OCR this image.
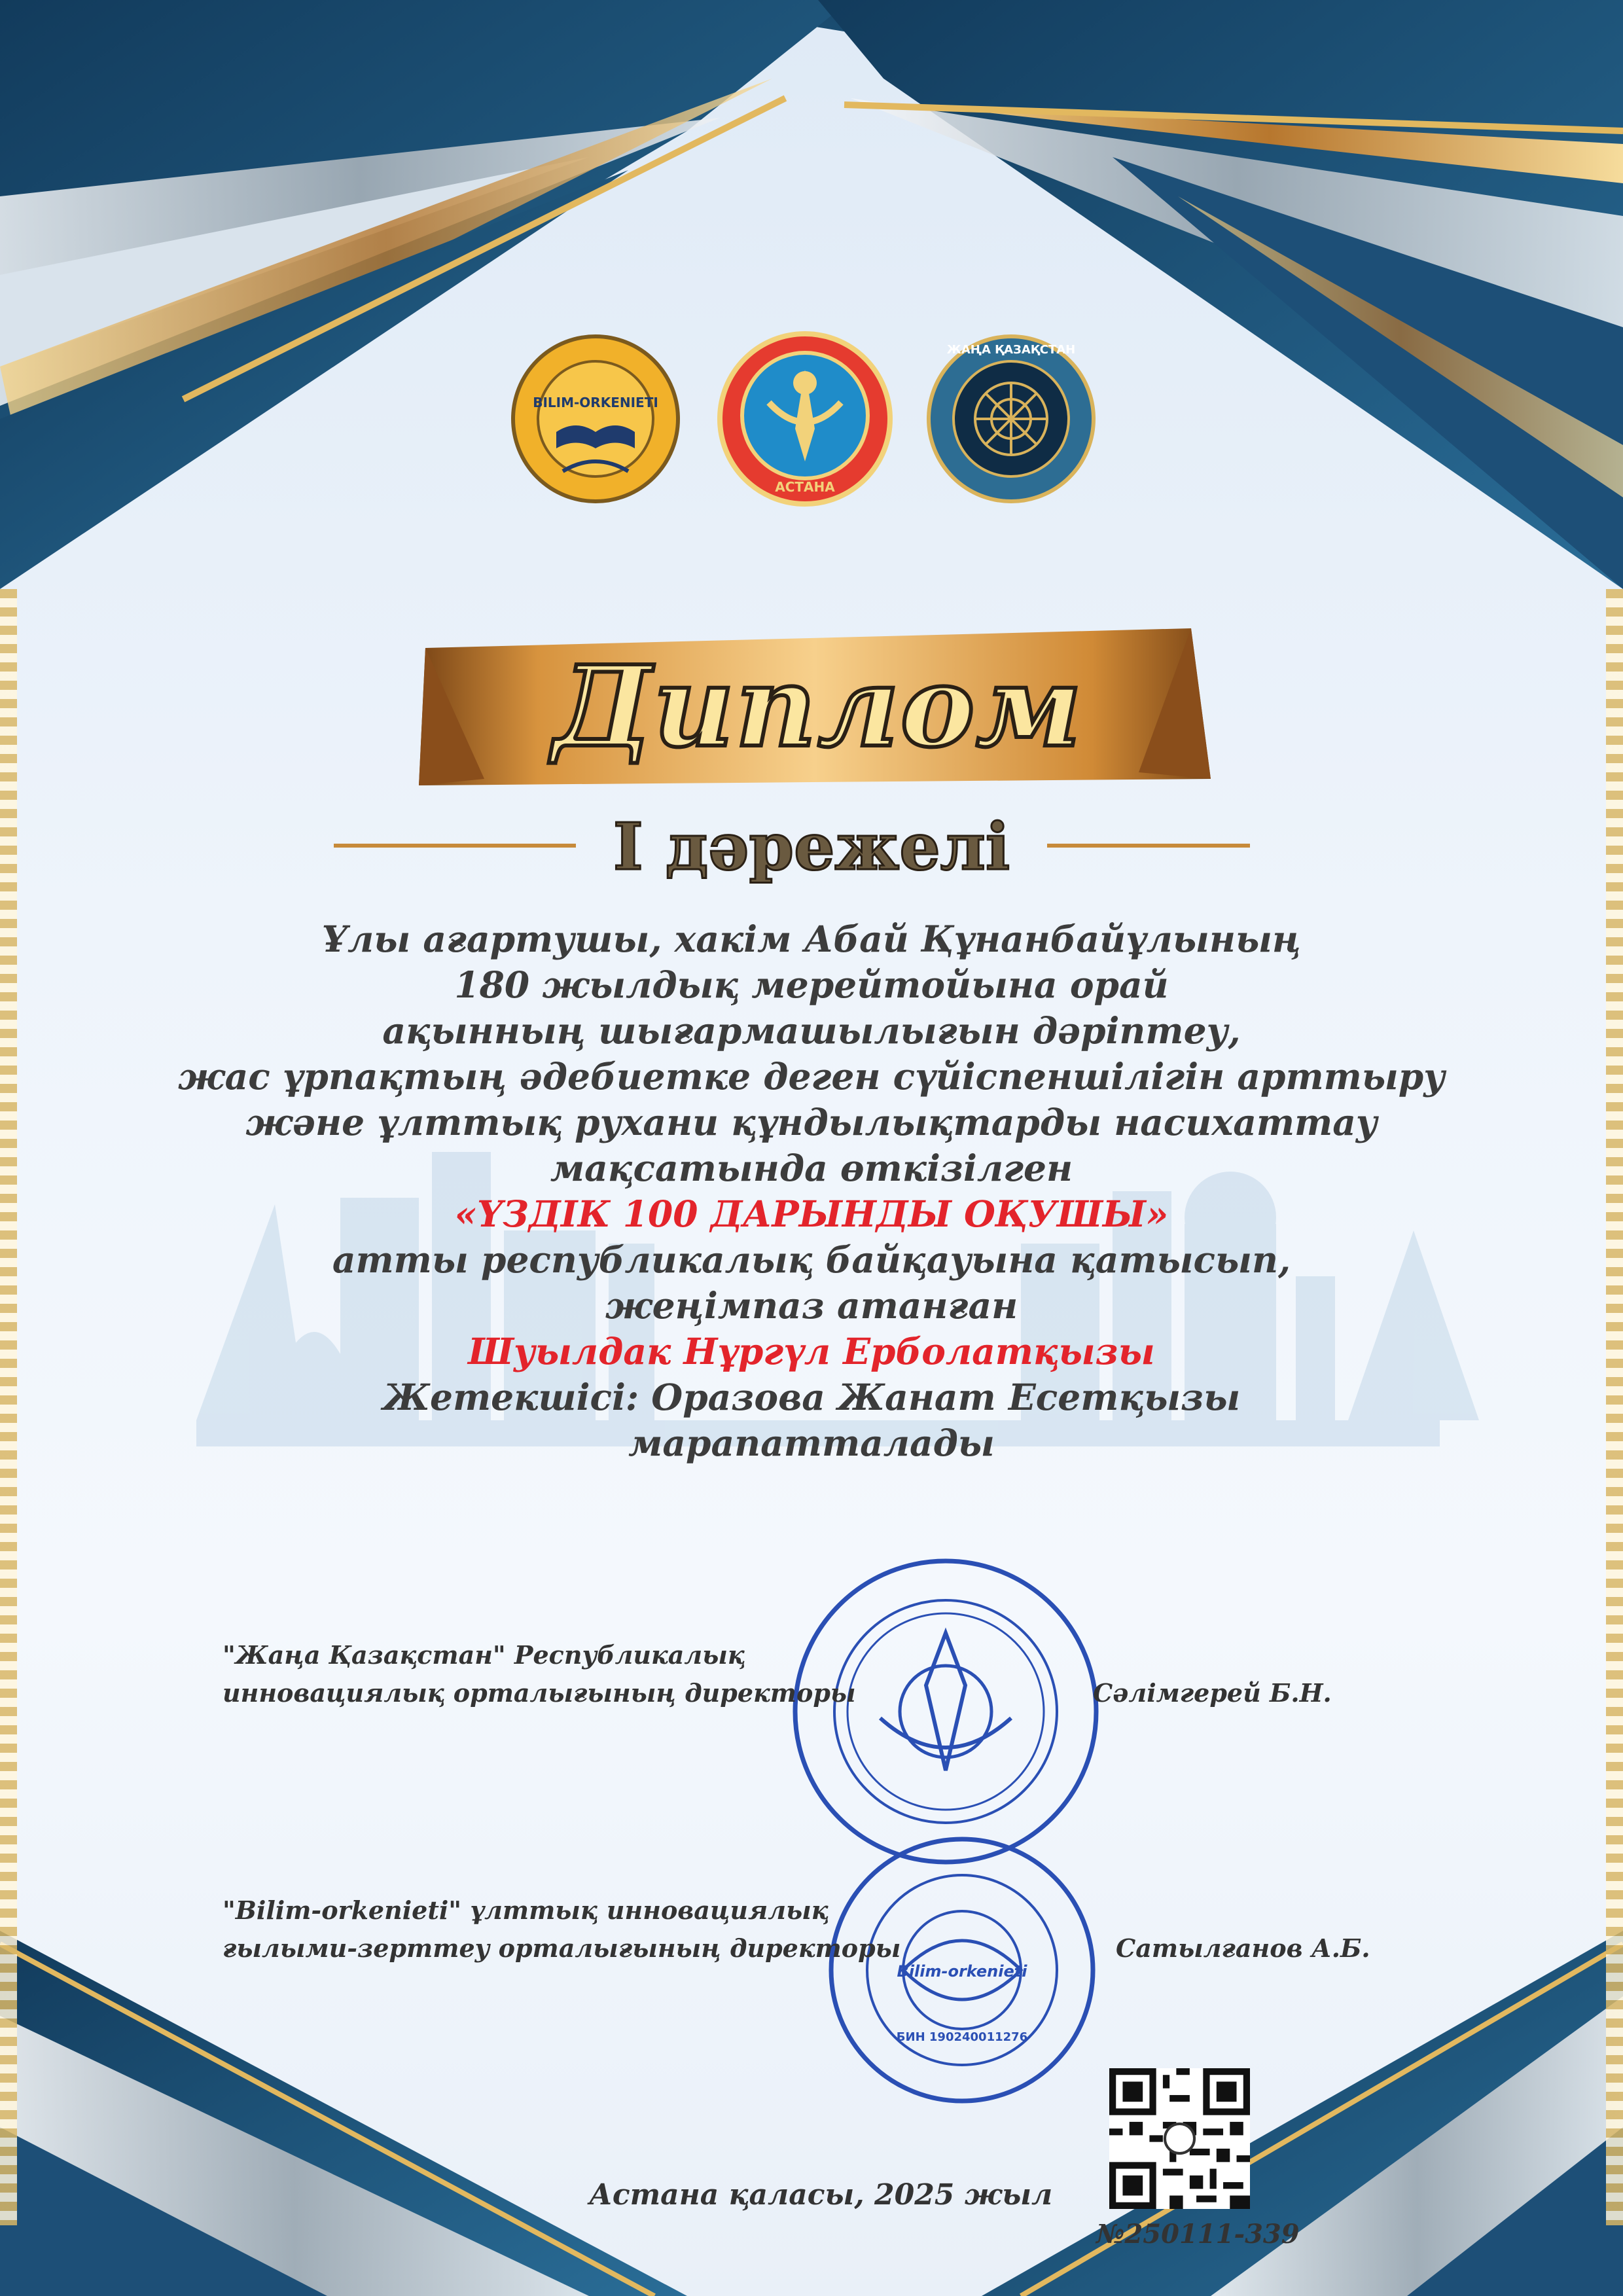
BILIM-ORKENIETI
АСТАНА
ЖАҢА ҚАЗАҚСТАН
Диплом
І дәрежелі
Ұлы ағартушы, хакім Абай Құнанбайұлының
180 жылдық мерейтойына орай
ақынның шығармашылығын дәріптеу,
жас ұрпақтың әдебиетке деген сүйіспеншілігін арттыру
және ұлттық рухани құндылықтарды насихаттау
мақсатында өткізілген
«ҮЗДІК 100 ДАРЫНДЫ ОҚУШЫ»
атты республикалық байқауына қатысып,
жеңімпаз атанған
Шуылдак Нұргүл Ерболатқызы
Жетекшісі: Оразова Жанат Есетқызы
марапатталады
Bilim-orkenieti
БИН 190240011276
"Жаңа Қазақстан" Республикалық
инновациялық орталығының директоры	Сәлімгерей Б.Н.
"Bilim-orkenieti" ұлттық инновациялық
ғылыми-зерттеу орталығының директоры	Сатылғанов А.Б.
Астана қаласы, 2025 жыл
№250111-339
